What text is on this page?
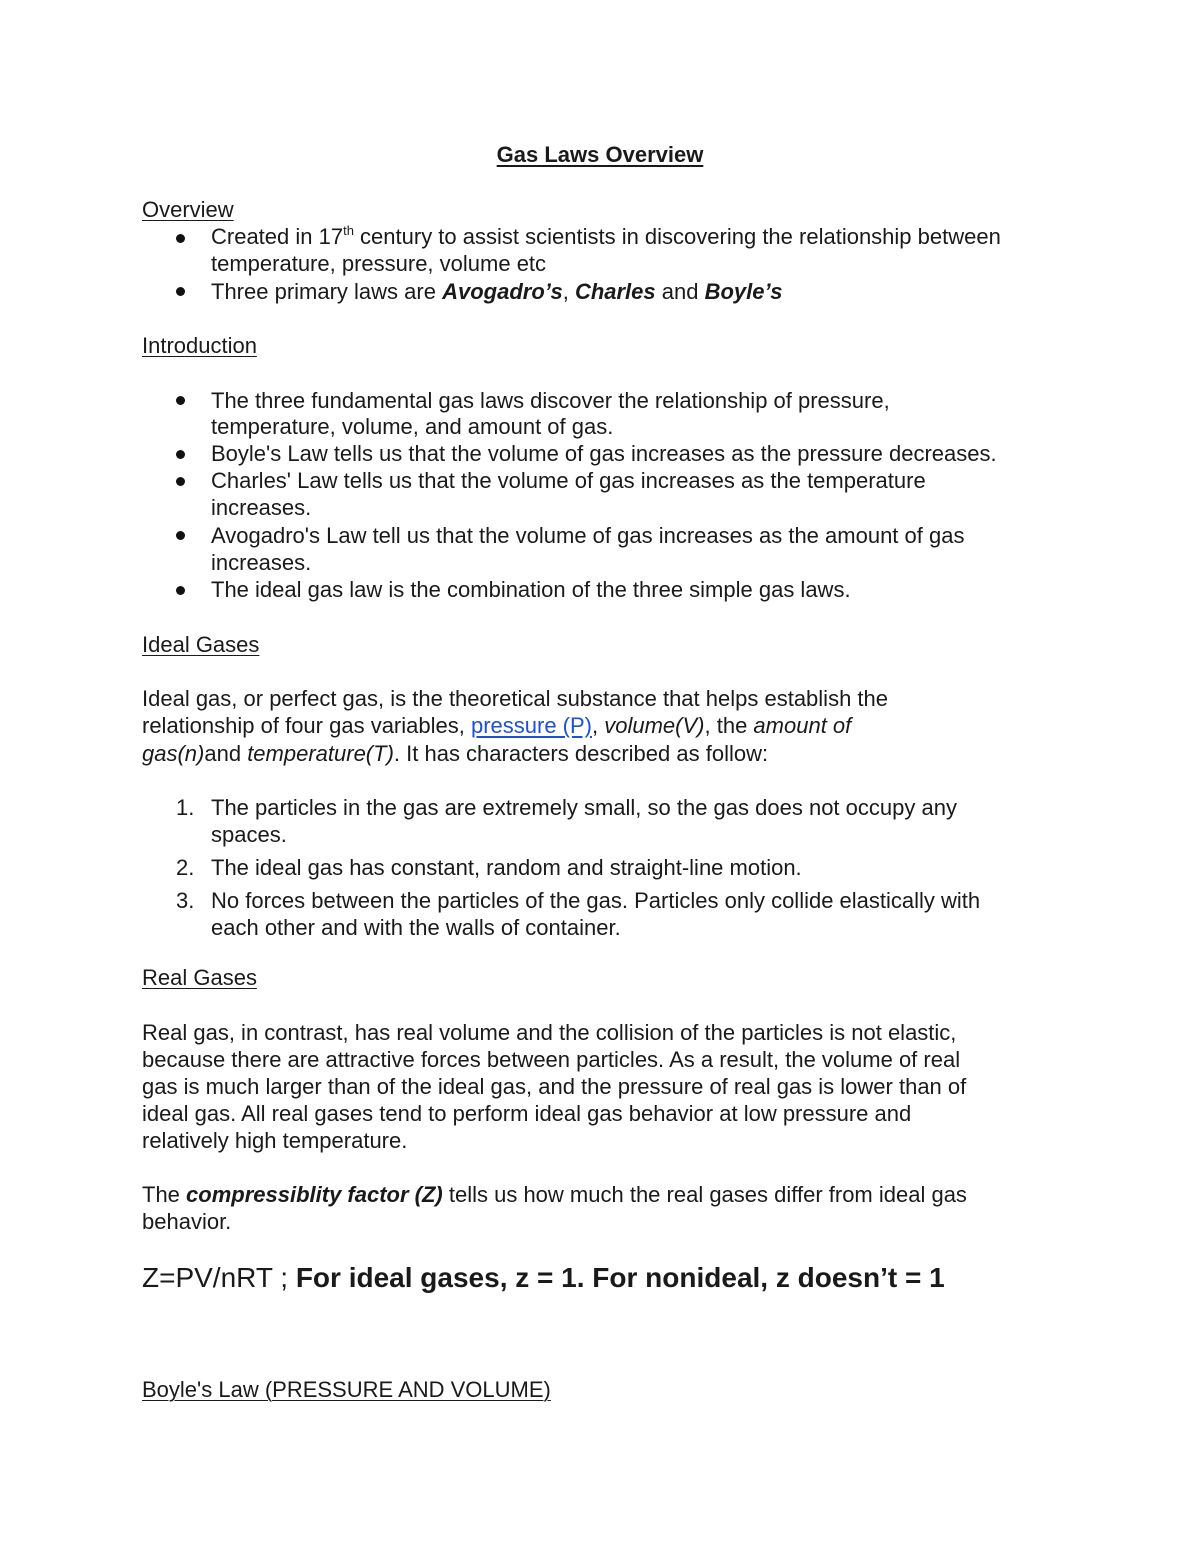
Gas Laws Overview
Overview
Created in 17th century to assist scientists in discovering the relationship between
temperature, pressure, volume etc
Three primary laws are Avogadro’s, Charles and Boyle’s
Introduction
The three fundamental gas laws discover the relationship of pressure,
temperature, volume, and amount of gas.
Boyle's Law tells us that the volume of gas increases as the pressure decreases.
Charles' Law tells us that the volume of gas increases as the temperature
increases.
Avogadro's Law tell us that the volume of gas increases as the amount of gas
increases.
The ideal gas law is the combination of the three simple gas laws.
Ideal Gases
Ideal gas, or perfect gas, is the theoretical substance that helps establish the
relationship of four gas variables, pressure (P), volume(V), the amount of
gas(n)and temperature(T). It has characters described as follow:
1. The particles in the gas are extremely small, so the gas does not occupy any
spaces.
2. The ideal gas has constant, random and straight-line motion.
3. No forces between the particles of the gas. Particles only collide elastically with
each other and with the walls of container.
Real Gases
Real gas, in contrast, has real volume and the collision of the particles is not elastic,
because there are attractive forces between particles. As a result, the volume of real
gas is much larger than of the ideal gas, and the pressure of real gas is lower than of
ideal gas. All real gases tend to perform ideal gas behavior at low pressure and
relatively high temperature.
The compressiblity factor (Z) tells us how much the real gases differ from ideal gas
behavior.
Z=PV/nRT ; For ideal gases, z = 1. For nonideal, z doesn’t = 1
Boyle's Law (PRESSURE AND VOLUME)
